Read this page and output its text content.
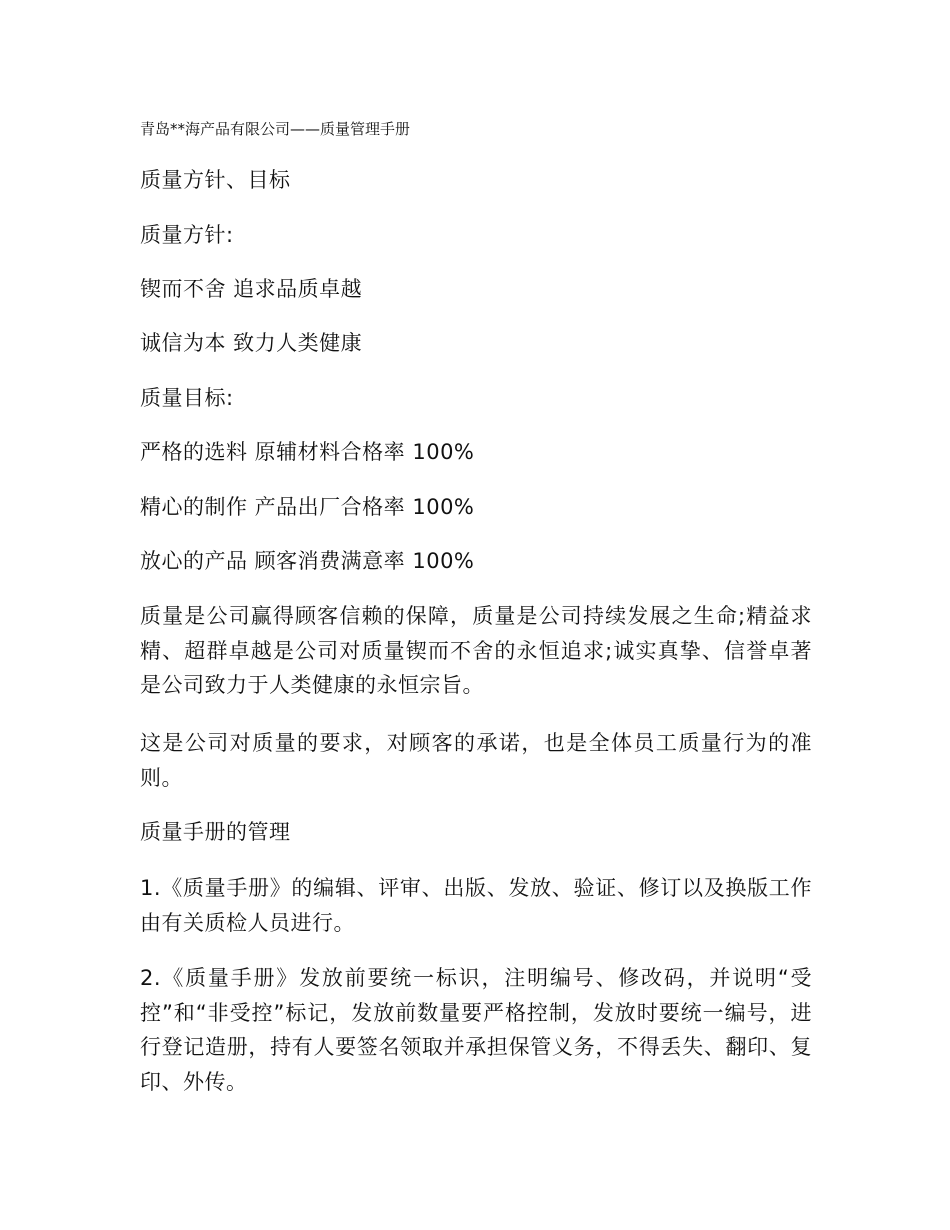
青岛**海产品有限公司——质量管理手册
质量方针、目标
质量方针:
锲而不舍 追求品质卓越
诚信为本 致力人类健康
质量目标:
严格的选料 原辅材料合格率 100%
精心的制作 产品出厂合格率 100%
放心的产品 顾客消费满意率 100%
质量是公司赢得顾客信赖的保障，质量是公司持续发展之生命;精益求精、超群卓越是公司对质量锲而不舍的永恒追求;诚实真挚、信誉卓著是公司致力于人类健康的永恒宗旨。
这是公司对质量的要求，对顾客的承诺，也是全体员工质量行为的准则。
质量手册的管理
1.《质量手册》的编辑、评审、出版、发放、验证、修订以及换版工作由有关质检人员进行。
2.《质量手册》发放前要统一标识，注明编号、修改码，并说明“受控”和“非受控”标记，发放前数量要严格控制，发放时要统一编号，进行登记造册，持有人要签名领取并承担保管义务，不得丢失、翻印、复印、外传。
